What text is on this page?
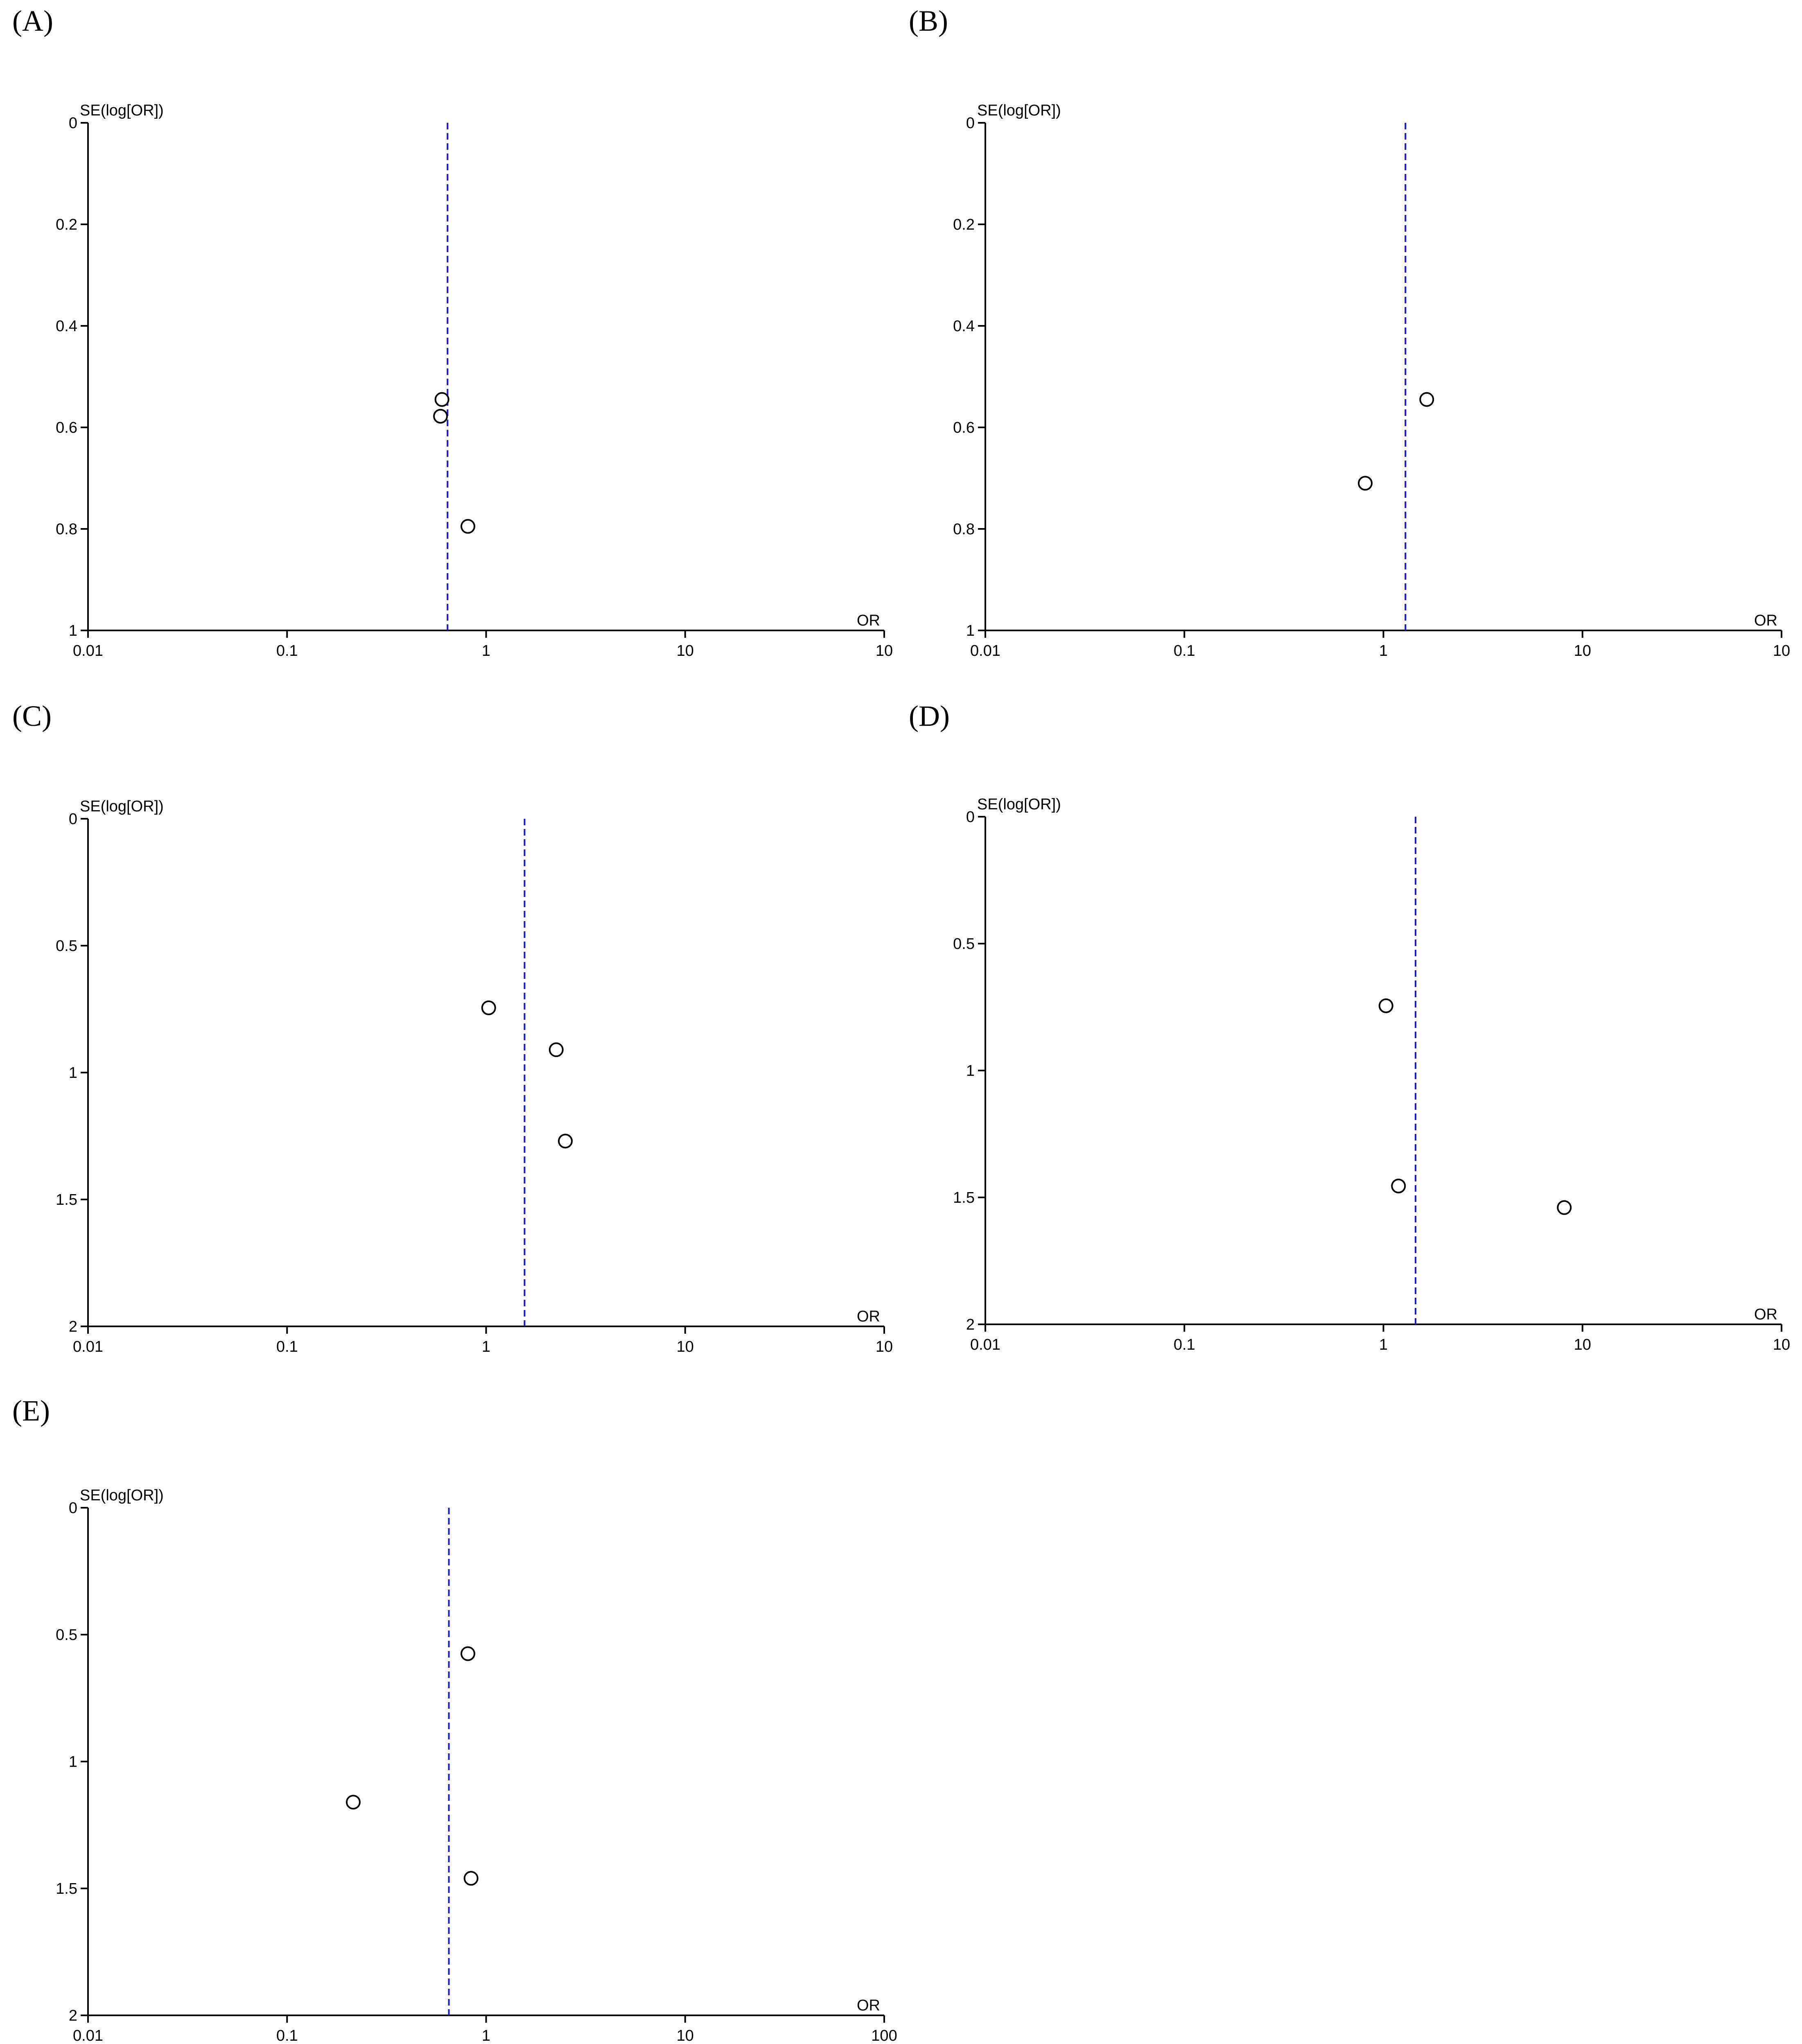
(A)	(B)
(C)	(D)
(E)
0
0.2
0.4
0.6
0.8
1
0.01	0.1	1	10	10
SE(log[OR])
OR
0
0.2
0.4
0.6
0.8
1
0.01	0.1	1	10	10
SE(log[OR])
OR
0
0.5
1
1.5
2
0.01	0.1	1	10	10
SE(log[OR])
OR
0
0.5
1
1.5
2
0.01	0.1	1	10	10
SE(log[OR])
OR
0
0.5
1
1.5
2
0.01	0.1	1	10	100
SE(log[OR])
OR
